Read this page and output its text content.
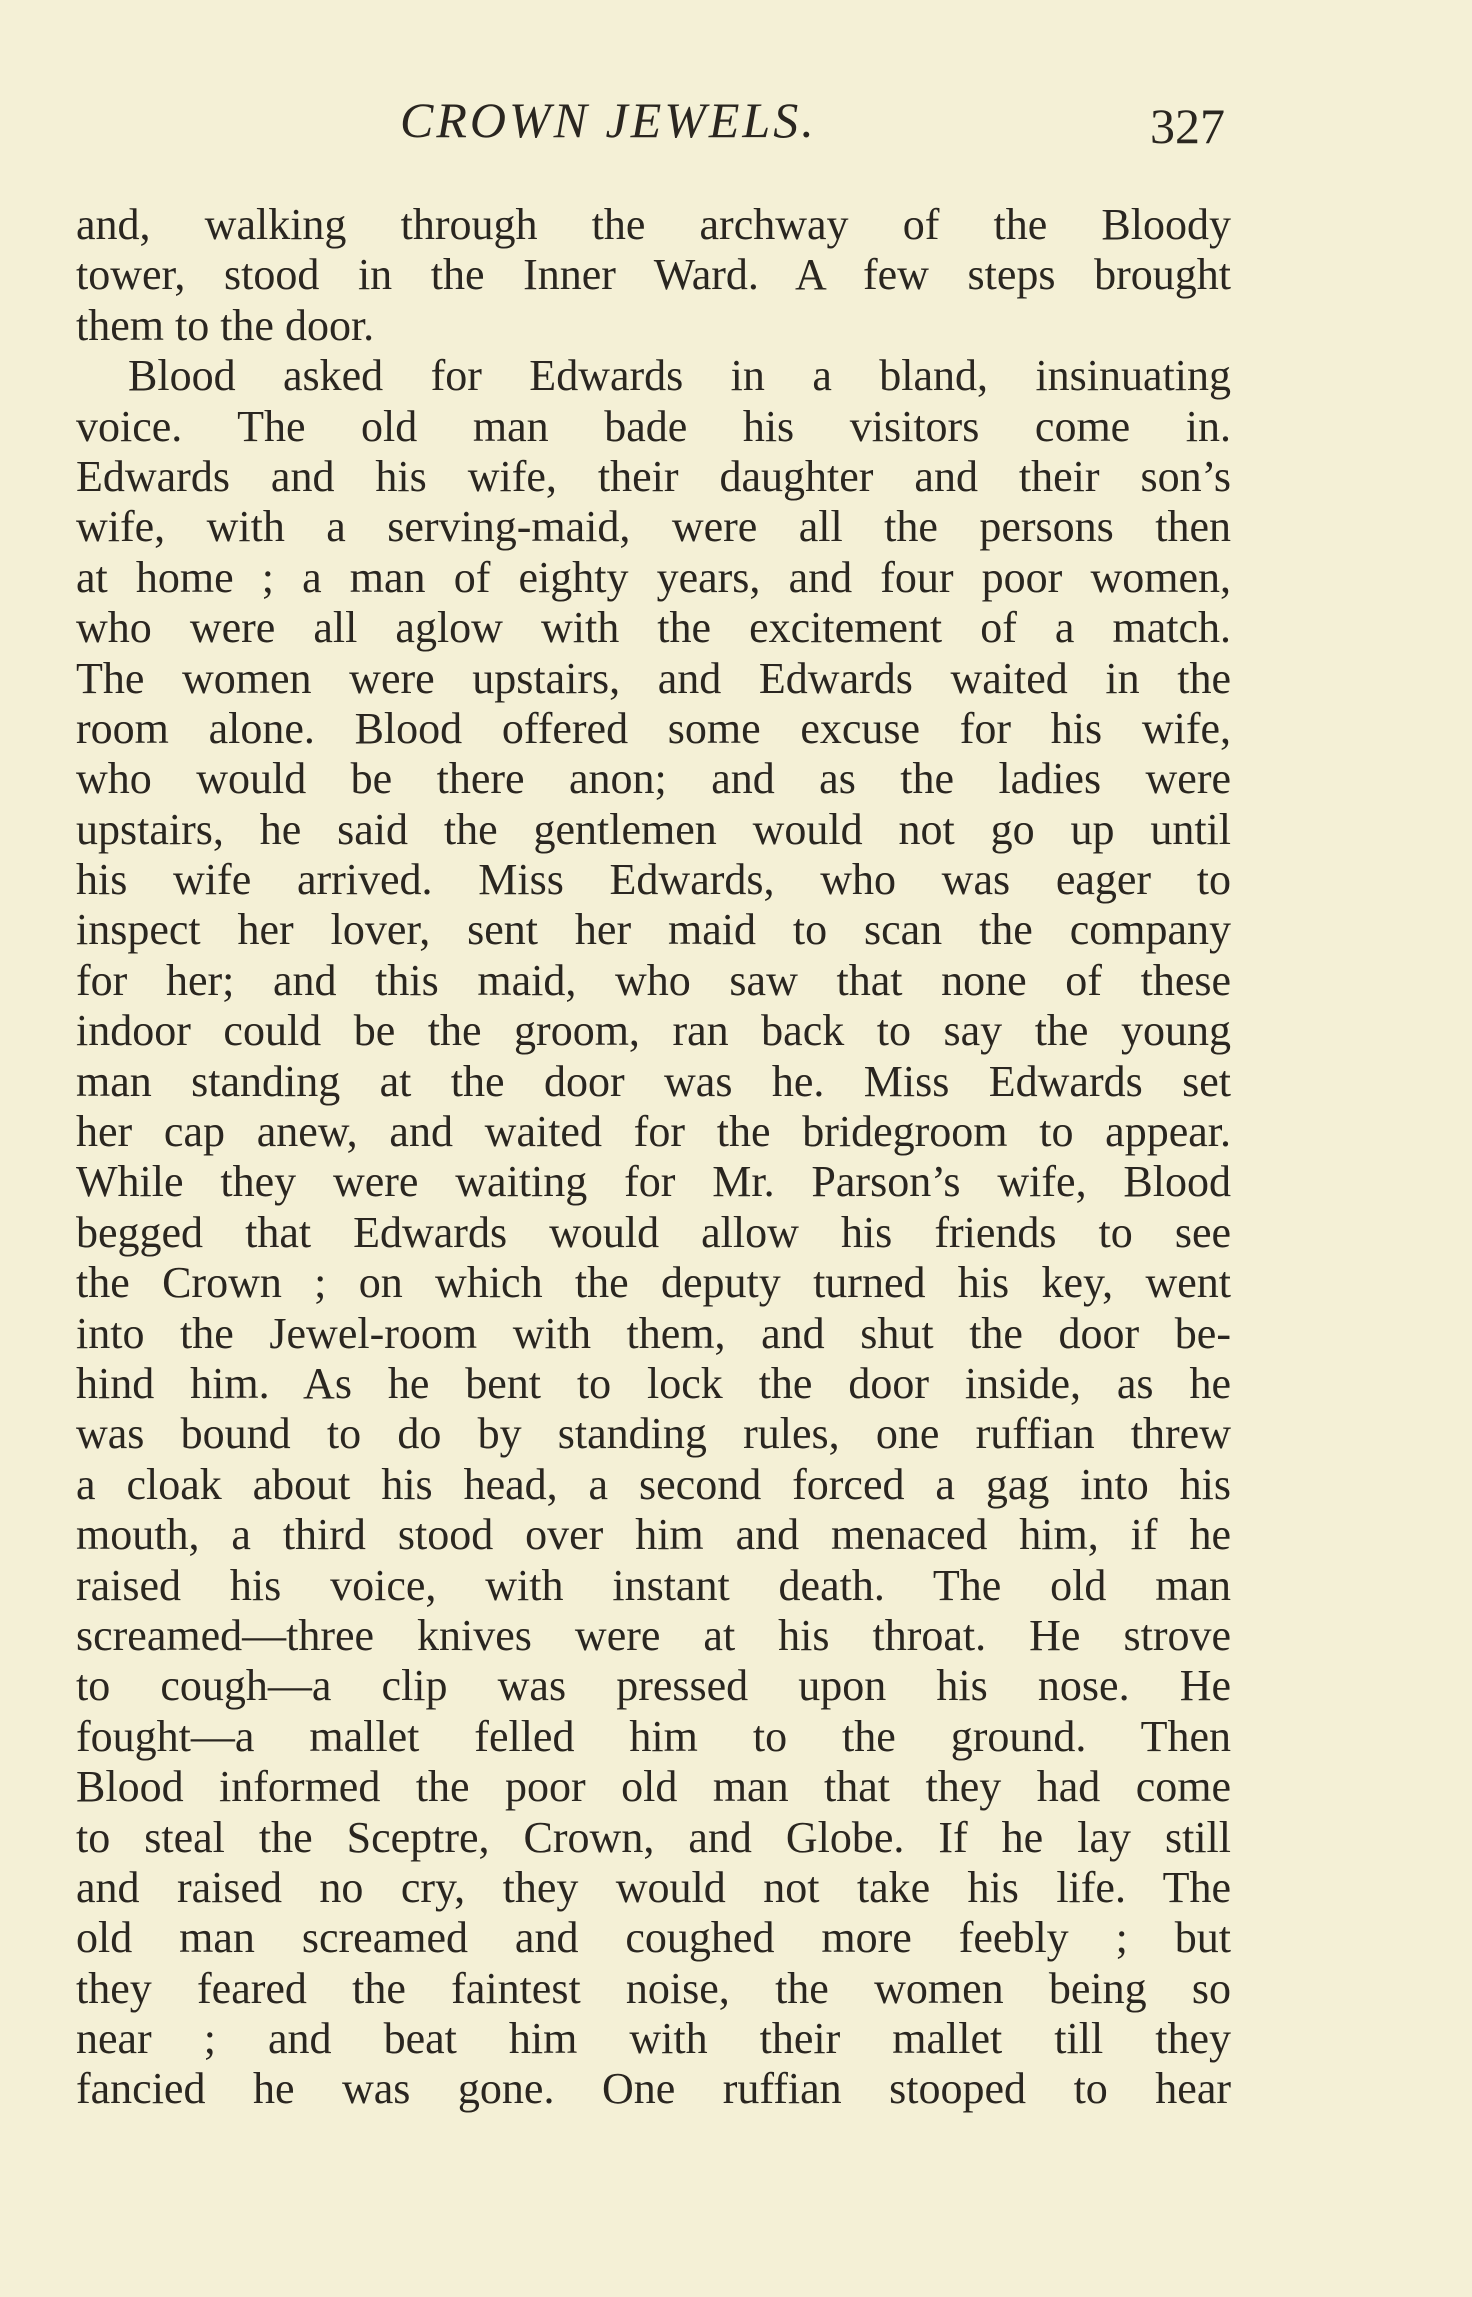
CROWN JEWELS.	327
and, walking through the archway of the Bloody
tower, stood in the Inner Ward. A few steps brought
them to the door.
Blood asked for Edwards in a bland, insinuating
voice. The old man bade his visitors come in.
Edwards and his wife, their daughter and their son’s
wife, with a serving-maid, were all the persons then
at home ; a man of eighty years, and four poor women,
who were all aglow with the excitement of a match.
The women were upstairs, and Edwards waited in the
room alone. Blood offered some excuse for his wife,
who would be there anon; and as the ladies were
upstairs, he said the gentlemen would not go up until
his wife arrived. Miss Edwards, who was eager to
inspect her lover, sent her maid to scan the company
for her; and this maid, who saw that none of these
indoor could be the groom, ran back to say the young
man standing at the door was he. Miss Edwards set
her cap anew, and waited for the bridegroom to appear.
While they were waiting for Mr. Parson’s wife, Blood
begged that Edwards would allow his friends to see
the Crown ; on which the deputy turned his key, went
into the Jewel-room with them, and shut the door be-
hind him. As he bent to lock the door inside, as he
was bound to do by standing rules, one ruffian threw
a cloak about his head, a second forced a gag into his
mouth, a third stood over him and menaced him, if he
raised his voice, with instant death. The old man
screamed—three knives were at his throat. He strove
to cough—a clip was pressed upon his nose. He
fought—a mallet felled him to the ground. Then
Blood informed the poor old man that they had come
to steal the Sceptre, Crown, and Globe. If he lay still
and raised no cry, they would not take his life. The
old man screamed and coughed more feebly ; but
they feared the faintest noise, the women being so
near ; and beat him with their mallet till they
fancied he was gone. One ruffian stooped to hear
